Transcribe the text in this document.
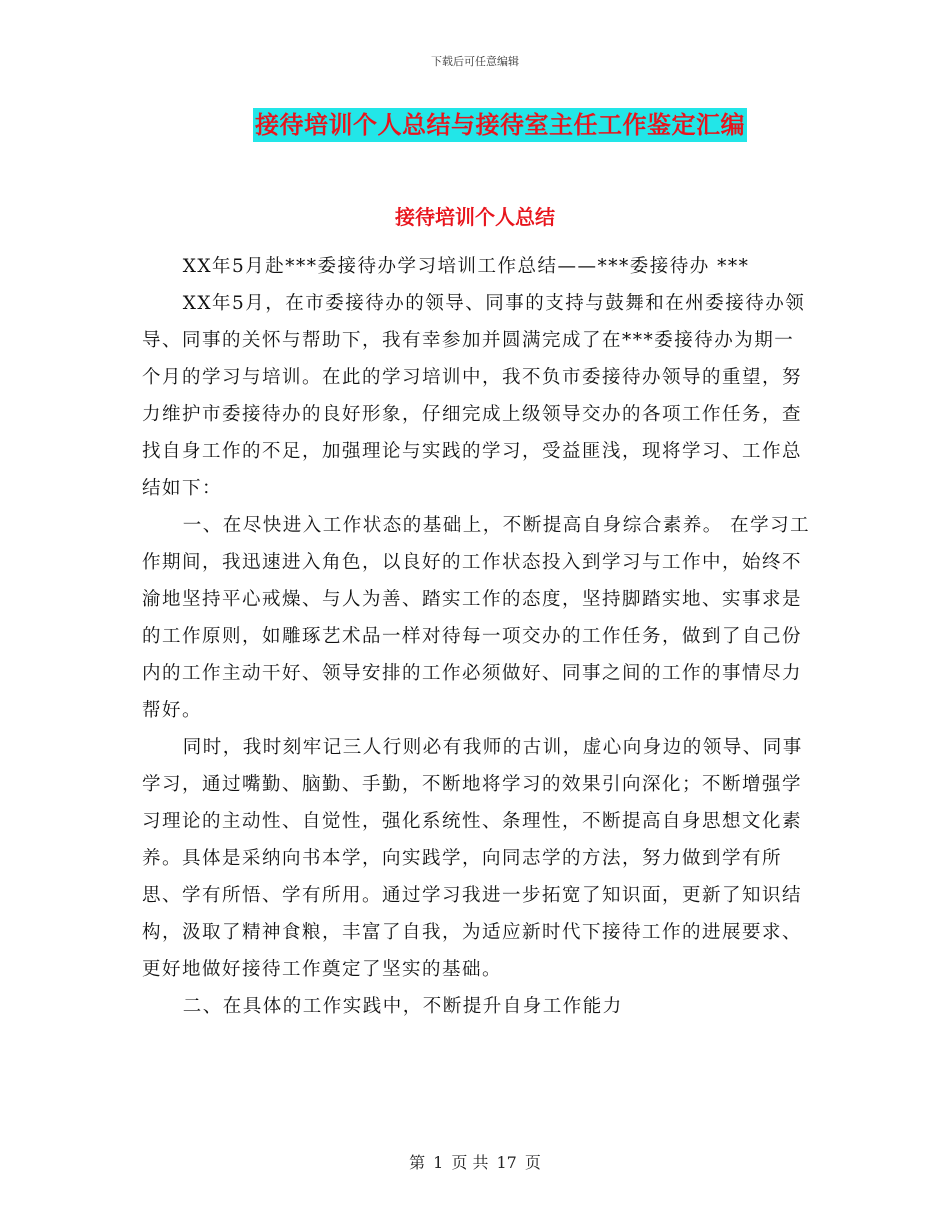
下载后可任意编辑
接待培训个人总结与接待室主任工作鉴定汇编
接待培训个人总结

XX年5月赴***委接待办学习培训工作总结——***委接待办 ***

XX年5月，在市委接待办的领导、同事的支持与鼓舞和在州委接待办领导、同事的关怀与帮助下，我有幸参加并圆满完成了在***委接待办为期一个月的学习与培训。在此的学习培训中，我不负市委接待办领导的重望，努力维护市委接待办的良好形象，仔细完成上级领导交办的各项工作任务，查找自身工作的不足，加强理论与实践的学习，受益匪浅，现将学习、工作总结如下：

一、在尽快进入工作状态的基础上，不断提高自身综合素养。 在学习工作期间，我迅速进入角色，以良好的工作状态投入到学习与工作中，始终不渝地坚持平心戒燥、与人为善、踏实工作的态度，坚持脚踏实地、实事求是的工作原则，如雕琢艺术品一样对待每一项交办的工作任务，做到了自己份内的工作主动干好、领导安排的工作必须做好、同事之间的工作的事情尽力帮好。

同时，我时刻牢记三人行则必有我师的古训，虚心向身边的领导、同事学习，通过嘴勤、脑勤、手勤，不断地将学习的效果引向深化；不断增强学习理论的主动性、自觉性，强化系统性、条理性，不断提高自身思想文化素养。具体是采纳向书本学，向实践学，向同志学的方法，努力做到学有所思、学有所悟、学有所用。通过学习我进一步拓宽了知识面，更新了知识结构，汲取了精神食粮，丰富了自我，为适应新时代下接待工作的进展要求、更好地做好接待工作奠定了坚实的基础。

二、在具体的工作实践中，不断提升自身工作能力

第 1 页 共 17 页
